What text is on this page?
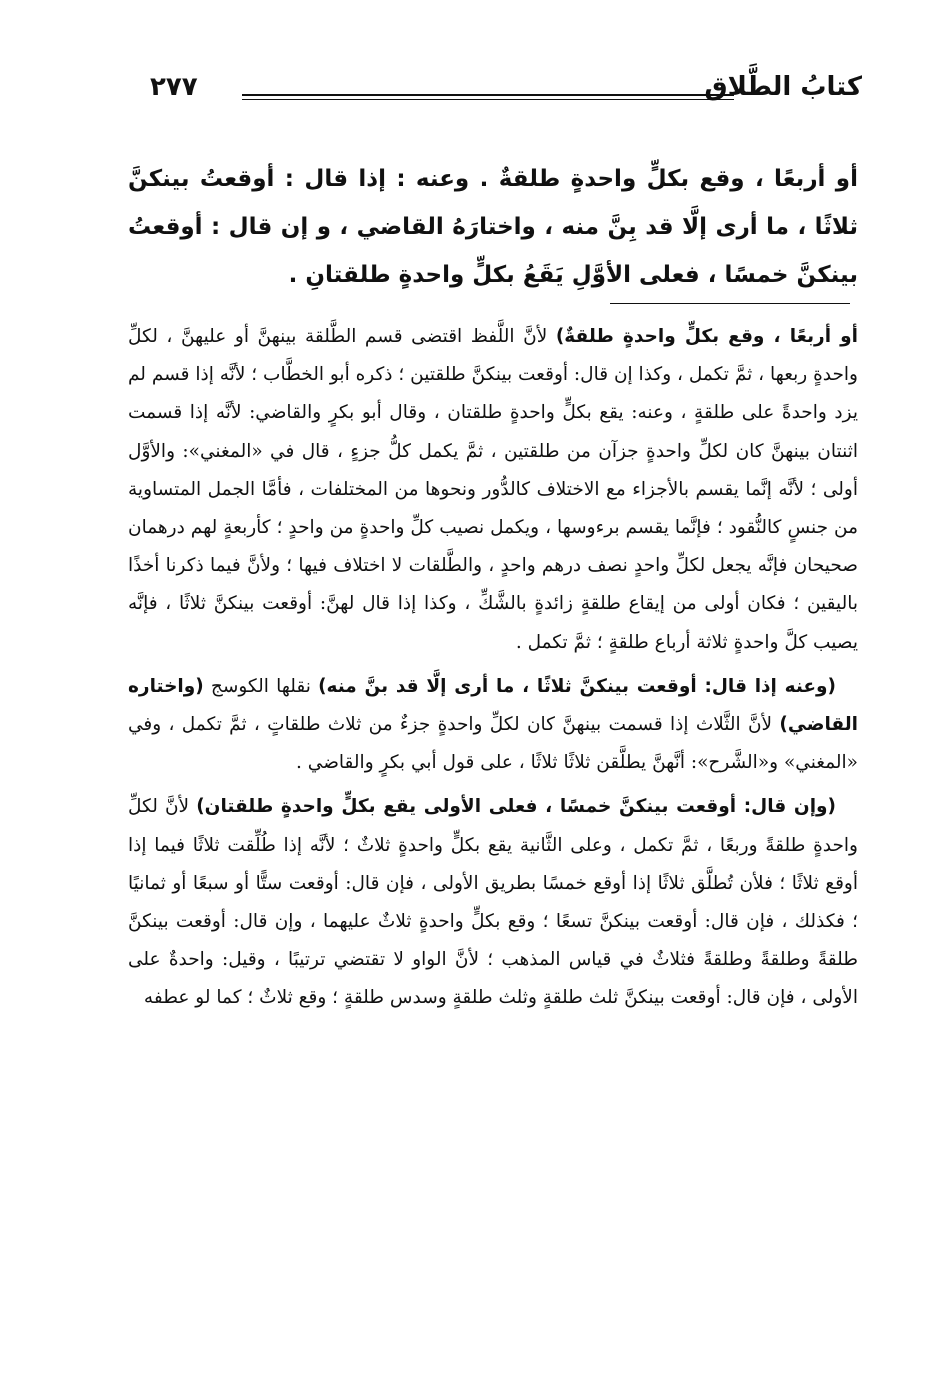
كتابُ الطَّلاق
٢٧٧
أو أربعًا ، وقع بكلٍّ واحدةٍ طلقةٌ . وعنه : إذا قال : أوقعتُ بينكنَّ ثلاثًا ، ما أرى إلَّا قد بِنَّ منه ، واختارَهُ القاضي ، و إن قال : أوقعتُ بينكنَّ خمسًا ، فعلى الأوَّلِ يَقَعُ بكلٍّ واحدةٍ طلقتانِ .

أو أربعًا ، وقع بكلٍّ واحدةٍ طلقةٌ) لأنَّ اللَّفظ اقتضى قسم الطَّلقة بينهنَّ أو عليهنَّ ، لكلِّ واحدةٍ ربعها ، ثمَّ تكمل ، وكذا إن قال: أوقعت بينكنَّ طلقتين ؛ ذكره أبو الخطَّاب ؛ لأنَّه إذا قسم لم يزد واحدةً على طلقةٍ ، وعنه: يقع بكلٍّ واحدةٍ طلقتان ، وقال أبو بكرٍ والقاضي: لأنَّه إذا قسمت اثنتان بينهنَّ كان لكلِّ واحدةٍ جزآن من طلقتين ، ثمَّ يكمل كلُّ جزءٍ ، قال في «المغني»: والأوَّل أولى ؛ لأنَّه إنَّما يقسم بالأجزاء مع الاختلاف كالدُّور ونحوها من المختلفات ، فأمَّا الجمل المتساوية من جنسٍ كالنُّقود ؛ فإنَّما يقسم برءوسها ، ويكمل نصيب كلِّ واحدةٍ من واحدٍ ؛ كأربعةٍ لهم درهمان صحيحان فإنَّه يجعل لكلِّ واحدٍ نصف درهم واحدٍ ، والطَّلقات لا اختلاف فيها ؛ ولأنَّ فيما ذكرنا أخذًا باليقين ؛ فكان أولى من إيقاع طلقةٍ زائدةٍ بالشَّكِّ ، وكذا إذا قال لهنَّ: أوقعت بينكنَّ ثلاثًا ، فإنَّه يصيب كلَّ واحدةٍ ثلاثة أرباع طلقةٍ ؛ ثمَّ تكمل .

(وعنه إذا قال: أوقعت بينكنَّ ثلاثًا ، ما أرى إلَّا قد بنَّ منه) نقلها الكوسج (واختاره القاضي) لأنَّ الثَّلاث إذا قسمت بينهنَّ كان لكلِّ واحدةٍ جزءٌ من ثلاث طلقاتٍ ، ثمَّ تكمل ، وفي «المغني» و«الشَّرح»: أنَّهنَّ يطلَّقن ثلاثًا ثلاثًا ، على قول أبي بكرٍ والقاضي .

(وإن قال: أوقعت بينكنَّ خمسًا ، فعلى الأولى يقع بكلٍّ واحدةٍ طلقتان) لأنَّ لكلِّ واحدةٍ طلقةً وربعًا ، ثمَّ تكمل ، وعلى الثَّانية يقع بكلٍّ واحدةٍ ثلاثٌ ؛ لأنَّه إذا طُلِّقت ثلاثًا فيما إذا أوقع ثلاثًا ؛ فلأن تُطلَّق ثلاثًا إذا أوقع خمسًا بطريق الأولى ، فإن قال: أوقعت ستًّا أو سبعًا أو ثمانيًا ؛ فكذلك ، فإن قال: أوقعت بينكنَّ تسعًا ؛ وقع بكلٍّ واحدةٍ ثلاثٌ عليهما ، وإن قال: أوقعت بينكنَّ طلقةً وطلقةً وطلقةً فثلاثٌ في قياس المذهب ؛ لأنَّ الواو لا تقتضي ترتيبًا ، وقيل: واحدةٌ على الأولى ، فإن قال: أوقعت بينكنَّ ثلث طلقةٍ وثلث طلقةٍ وسدس طلقةٍ ؛ وقع ثلاثٌ ؛ كما لو عطفه
